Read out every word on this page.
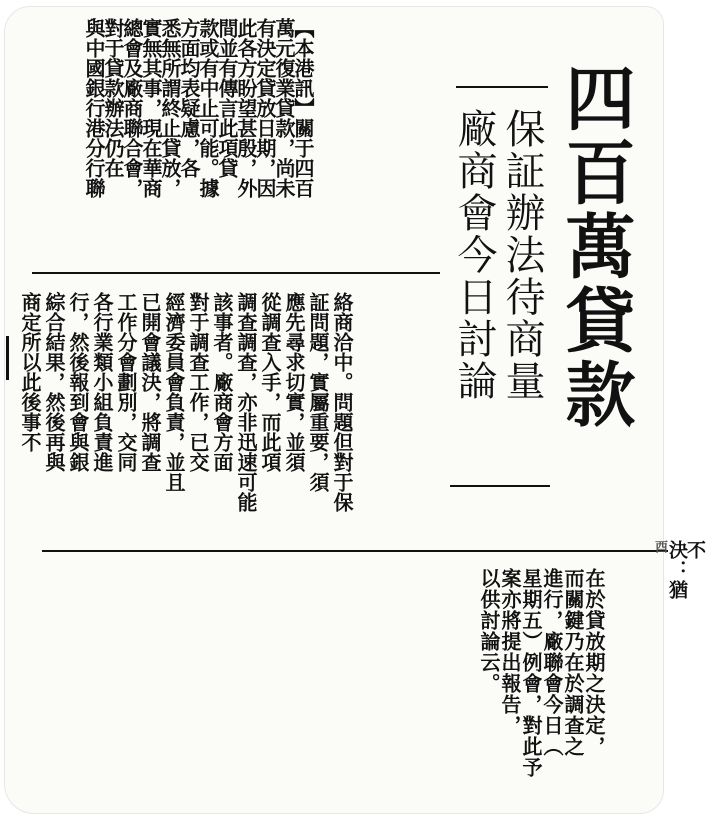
四百萬貸款
保証辦法待商量
廠商會今日討論
【本港訊】關于四百
萬元復業貸款，尚未
有決定貸放日期，因
此各方盼望甚殷，外
間並有傳言此項貸
款或有中止可能。據
方面均表疑慮，各
悉無所謂終止貸放，
實無其事，現在華商
總會及廠商聯合會，
對于貸款辦法仍在
與中國銀行港分行聯
絡商洽中。問題但對于保
証問題，實屬重要，須
應先尋求切實，並須
從調查入手，而此項
調查調查，亦非迅速可能
該事者。廠商會方面
對于調查工作，已交
經濟委員會負責，並且
已開會議決，將調查
工作分會劃別，交同
各行業類小組負責進
行，然後報到會與銀
綜合結果，然後再與
商定所以此後事不
在於貸放期之決定，
而關鍵乃在於調查之
進行，廠聯會今日（
星期五）例會，對此予
案亦將提出報告，
以供討論云。
不
決：猶
酉
